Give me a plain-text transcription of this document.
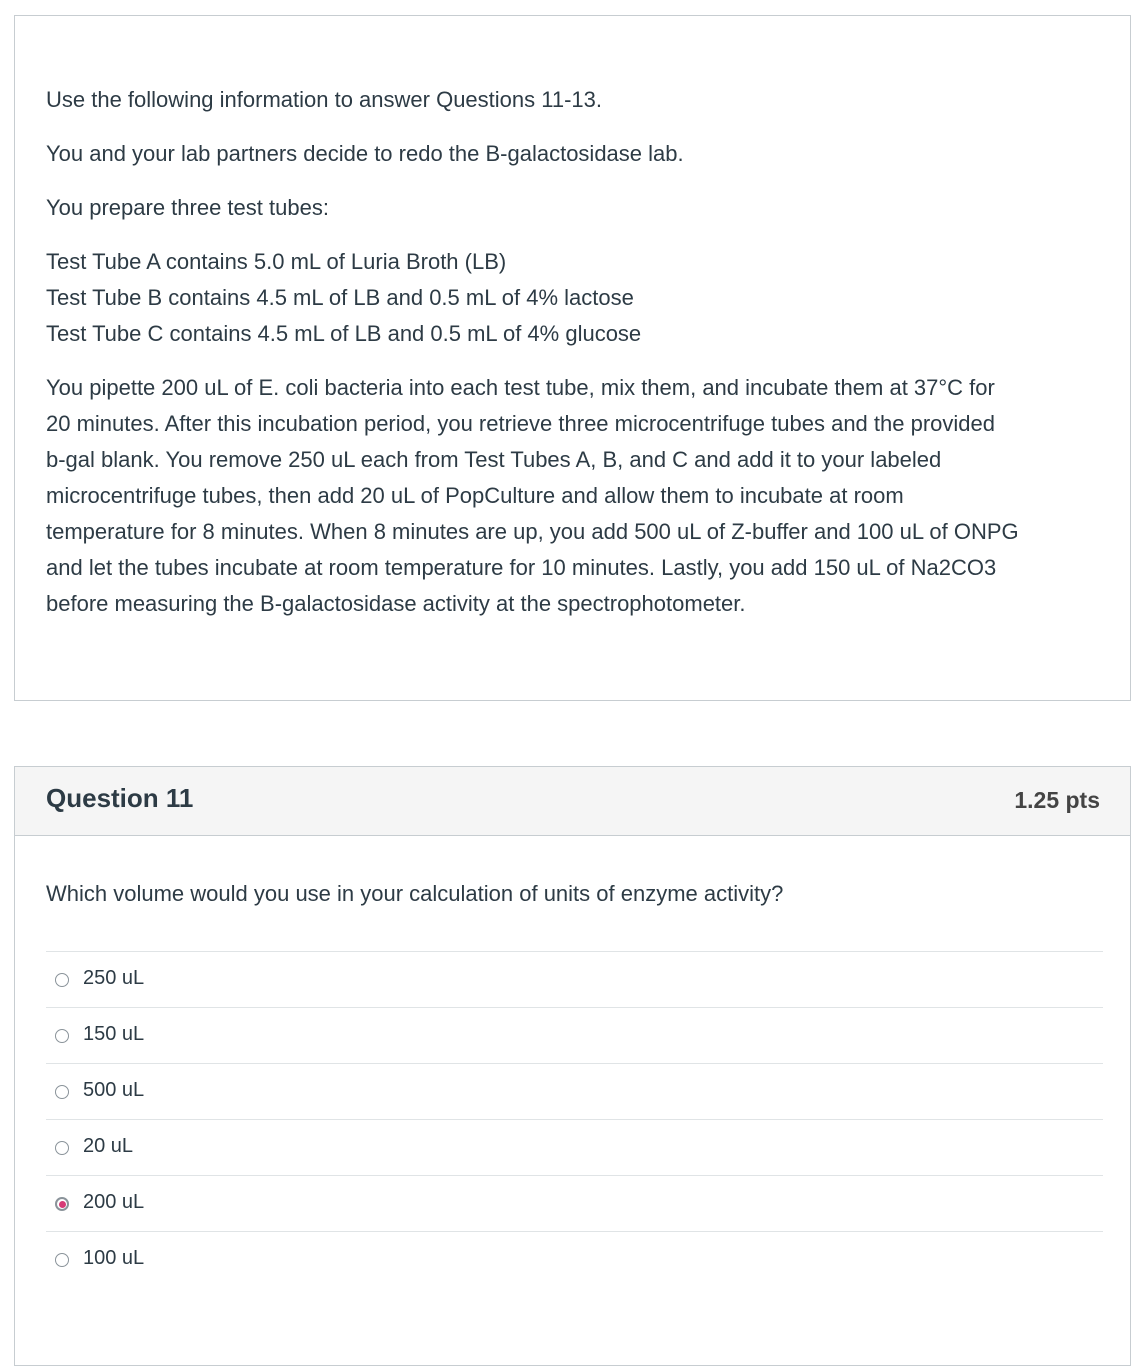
Use the following information to answer Questions 11-13.

You and your lab partners decide to redo the B-galactosidase lab.

You prepare three test tubes:

Test Tube A contains 5.0 mL of Luria Broth (LB)

Test Tube B contains 4.5 mL of LB and 0.5 mL of 4% lactose

Test Tube C contains 4.5 mL of LB and 0.5 mL of 4% glucose

You pipette 200 uL of E. coli bacteria into each test tube, mix them, and incubate them at 37°C for

20 minutes. After this incubation period, you retrieve three microcentrifuge tubes and the provided

b-gal blank. You remove 250 uL each from Test Tubes A, B, and C and add it to your labeled

microcentrifuge tubes, then add 20 uL of PopCulture and allow them to incubate at room

temperature for 8 minutes. When 8 minutes are up, you add 500 uL of Z-buffer and 100 uL of ONPG

and let the tubes incubate at room temperature for 10 minutes. Lastly, you add 150 uL of Na2CO3

before measuring the B-galactosidase activity at the spectrophotometer.

Question 11	1.25 pts
Which volume would you use in your calculation of units of enzyme activity?
250 uL
150 uL
500 uL
20 uL
200 uL
100 uL
